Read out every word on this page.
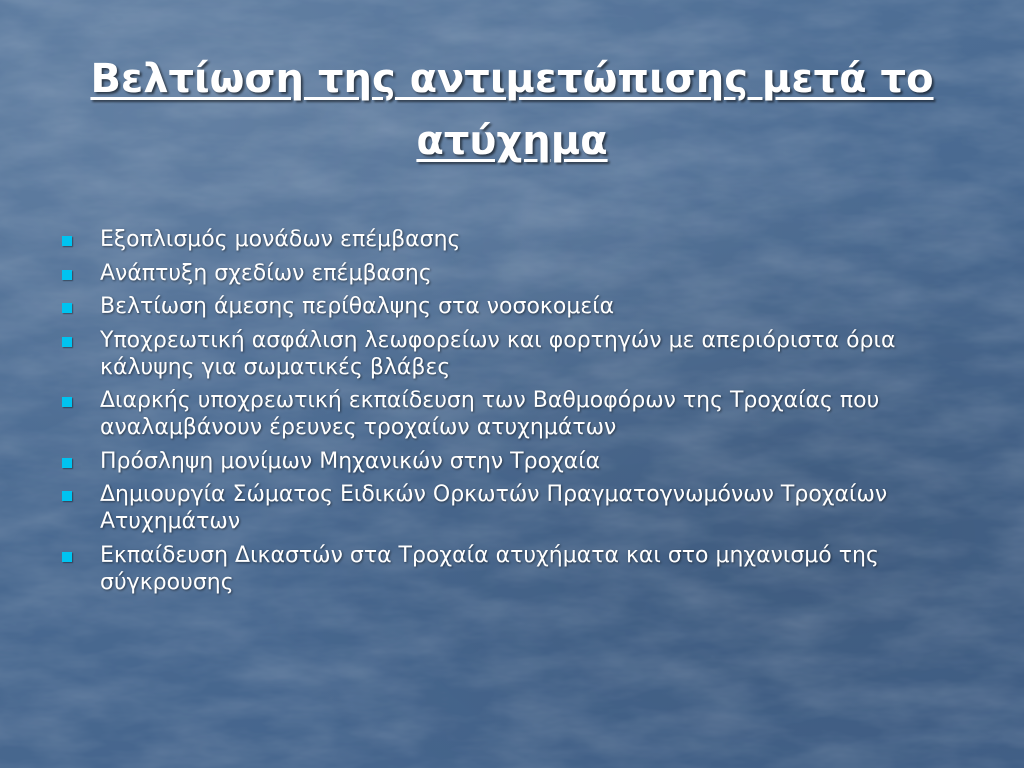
Βελτίωση της αντιμετώπισης μετά το ατύχημα
Εξοπλισμός μονάδων επέμβασης
Ανάπτυξη σχεδίων επέμβασης
Βελτίωση άμεσης περίθαλψης στα νοσοκομεία
Υποχρεωτική ασφάλιση λεωφορείων και φορτηγών με απεριόριστα όρια κάλυψης για σωματικές βλάβες
Διαρκής υποχρεωτική εκπαίδευση των Βαθμοφόρων της Τροχαίας που αναλαμβάνουν έρευνες τροχαίων ατυχημάτων
Πρόσληψη μονίμων Μηχανικών στην Τροχαία
Δημιουργία Σώματος Ειδικών Ορκωτών Πραγματογνωμόνων Τροχαίων Ατυχημάτων
Εκπαίδευση Δικαστών στα Τροχαία ατυχήματα και στο μηχανισμό της σύγκρουσης
